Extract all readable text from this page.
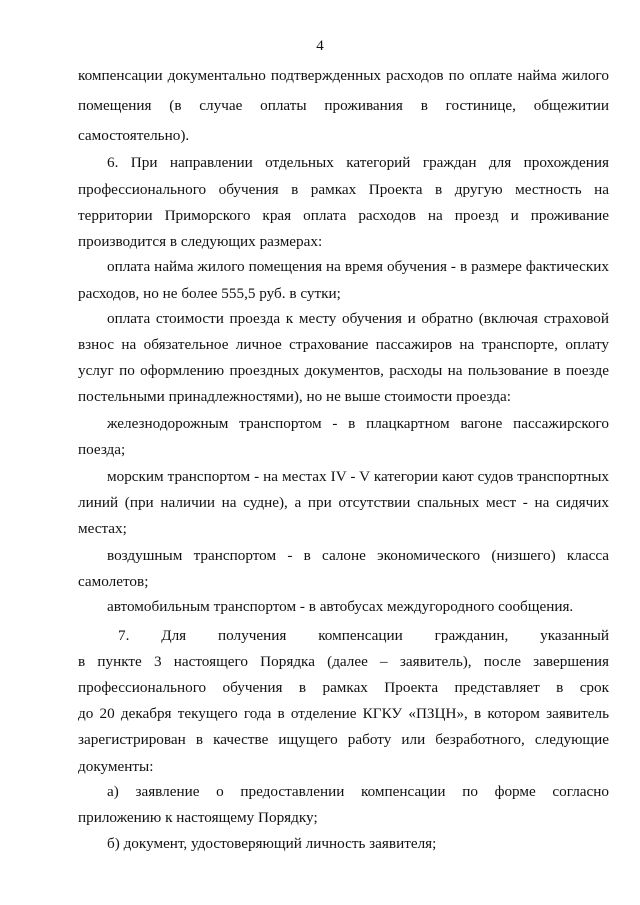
4
компенсации документально подтвержденных расходов по оплате найма жилого
помещения (в случае оплаты проживания в гостинице, общежитии
самостоятельно).
6. При направлении отдельных категорий граждан для прохождения
профессионального обучения в рамках Проекта в другую местность на
территории Приморского края оплата расходов на проезд и проживание
производится в следующих размерах:
оплата найма жилого помещения на время обучения - в размере фактических
расходов, но не более 555,5 руб. в сутки;
оплата стоимости проезда к месту обучения и обратно (включая страховой
взнос на обязательное личное страхование пассажиров на транспорте, оплату
услуг по оформлению проездных документов, расходы на пользование в поезде
постельными принадлежностями), но не выше стоимости проезда:
железнодорожным транспортом - в плацкартном вагоне пассажирского
поезда;
морским транспортом - на местах IV - V категории кают судов транспортных
линий (при наличии на судне), а при отсутствии спальных мест - на сидячих
местах;
воздушным транспортом - в салоне экономического (низшего) класса
самолетов;
автомобильным транспортом - в автобусах междугородного сообщения.
7. Для получения компенсации гражданин, указанный
в пункте 3 настоящего Порядка (далее – заявитель), после завершения
профессионального обучения в рамках Проекта представляет в срок
до 20 декабря текущего года в отделение КГКУ «ПЗЦН», в котором заявитель
зарегистрирован в качестве ищущего работу или безработного, следующие
документы:
а) заявление о предоставлении компенсации по форме согласно
приложению к настоящему Порядку;
б) документ, удостоверяющий личность заявителя;
